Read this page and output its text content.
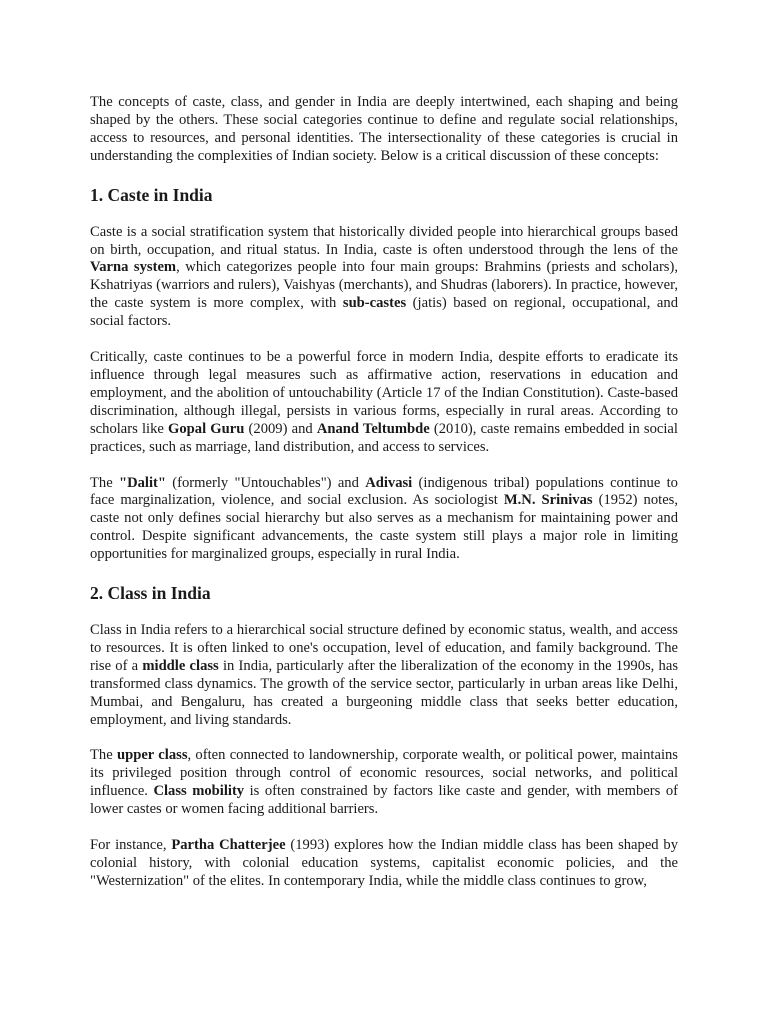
The concepts of caste, class, and gender in India are deeply intertwined, each shaping and being shaped by the others. These social categories continue to define and regulate social relationships, access to resources, and personal identities. The intersectionality of these categories is crucial in understanding the complexities of Indian society. Below is a critical discussion of these concepts:

1. Caste in India

Caste is a social stratification system that historically divided people into hierarchical groups based on birth, occupation, and ritual status. In India, caste is often understood through the lens of the Varna system, which categorizes people into four main groups: Brahmins (priests and scholars), Kshatriyas (warriors and rulers), Vaishyas (merchants), and Shudras (laborers). In practice, however, the caste system is more complex, with sub-castes (jatis) based on regional, occupational, and social factors.

Critically, caste continues to be a powerful force in modern India, despite efforts to eradicate its influence through legal measures such as affirmative action, reservations in education and employment, and the abolition of untouchability (Article 17 of the Indian Constitution). Caste-based discrimination, although illegal, persists in various forms, especially in rural areas. According to scholars like Gopal Guru (2009) and Anand Teltumbde (2010), caste remains embedded in social practices, such as marriage, land distribution, and access to services.

The "Dalit" (formerly "Untouchables") and Adivasi (indigenous tribal) populations continue to face marginalization, violence, and social exclusion. As sociologist M.N. Srinivas (1952) notes, caste not only defines social hierarchy but also serves as a mechanism for maintaining power and control. Despite significant advancements, the caste system still plays a major role in limiting opportunities for marginalized groups, especially in rural India.

2. Class in India

Class in India refers to a hierarchical social structure defined by economic status, wealth, and access to resources. It is often linked to one's occupation, level of education, and family background. The rise of a middle class in India, particularly after the liberalization of the economy in the 1990s, has transformed class dynamics. The growth of the service sector, particularly in urban areas like Delhi, Mumbai, and Bengaluru, has created a burgeoning middle class that seeks better education, employment, and living standards.

The upper class, often connected to landownership, corporate wealth, or political power, maintains its privileged position through control of economic resources, social networks, and political influence. Class mobility is often constrained by factors like caste and gender, with members of lower castes or women facing additional barriers.

For instance, Partha Chatterjee (1993) explores how the Indian middle class has been shaped by colonial history, with colonial education systems, capitalist economic policies, and the "Westernization" of the elites. In contemporary India, while the middle class continues to grow,
